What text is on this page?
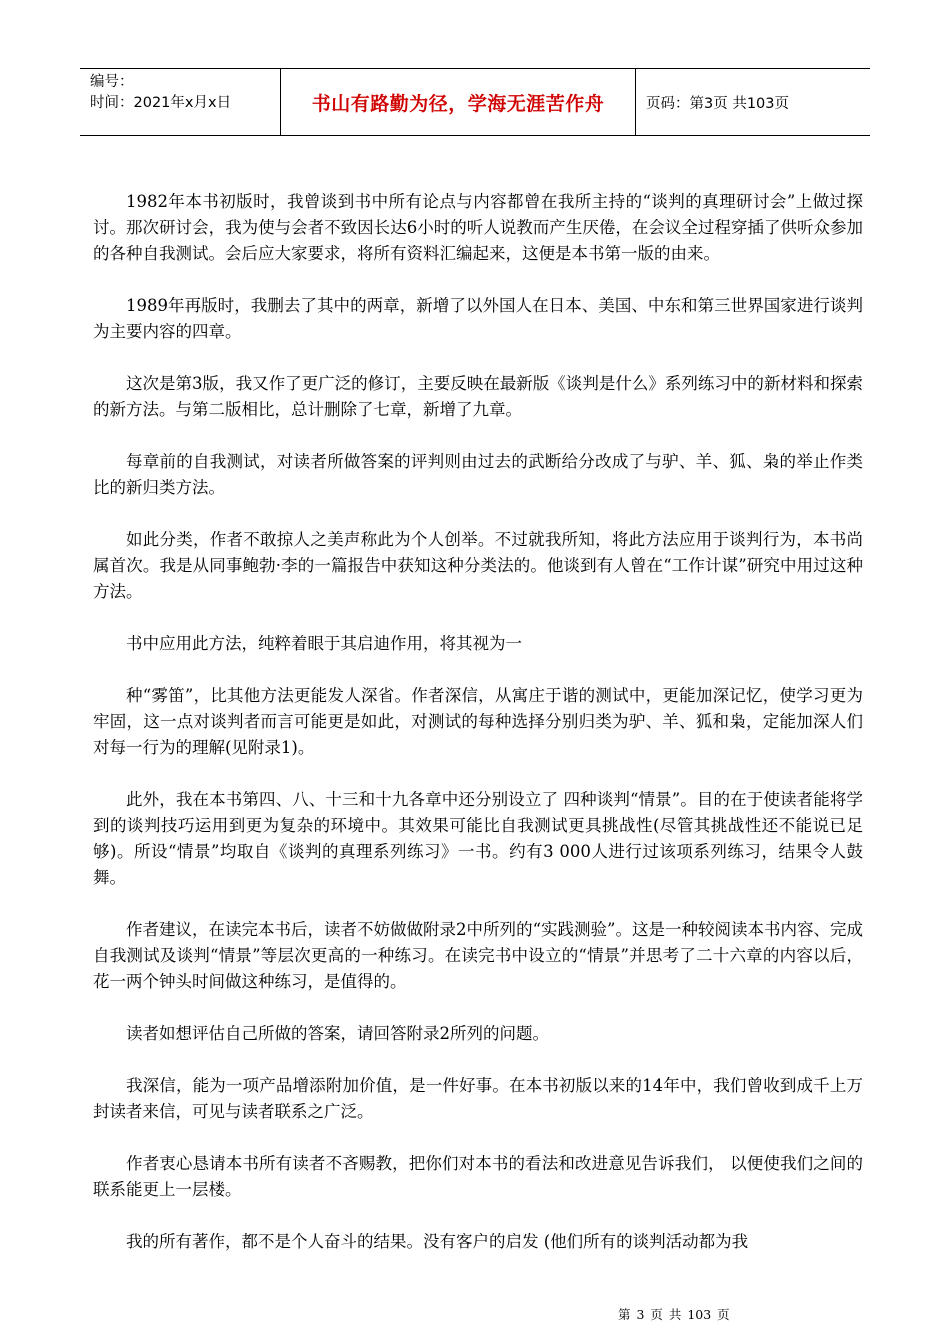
编号：
时间：2021年x月x日	书山有路勤为径，学海无涯苦作舟	页码：第3页 共103页

1982年本书初版时，我曾谈到书中所有论点与内容都曾在我所主持的“谈判的真理研讨会”上做过探讨。那次研讨会，我为使与会者不致因长达6小时的听人说教而产生厌倦，在会议全过程穿插了供听众参加的各种自我测试。会后应大家要求，将所有资料汇编起来，这便是本书第一版的由来。

1989年再版时，我删去了其中的两章，新增了以外国人在日本、美国、中东和第三世界国家进行谈判为主要内容的四章。

这次是第3版，我又作了更广泛的修订，主要反映在最新版《谈判是什么》系列练习中的新材料和探索的新方法。与第二版相比，总计删除了七章，新增了九章。

每章前的自我测试，对读者所做答案的评判则由过去的武断给分改成了与驴、羊、狐、枭的举止作类比的新归类方法。

如此分类，作者不敢掠人之美声称此为个人创举。不过就我所知，将此方法应用于谈判行为，本书尚属首次。我是从同事鲍勃·李的一篇报告中获知这种分类法的。他谈到有人曾在“工作计谋”研究中用过这种方法。

书中应用此方法，纯粹着眼于其启迪作用，将其视为一

种“雾笛”，比其他方法更能发人深省。作者深信，从寓庄于谐的测试中，更能加深记忆，使学习更为牢固，这一点对谈判者而言可能更是如此，对测试的每种选择分别归类为驴、羊、狐和枭，定能加深人们对每一行为的理解(见附录1)。

此外，我在本书第四、八、十三和十九各章中还分别设立了 四种谈判“情景”。目的在于使读者能将学到的谈判技巧运用到更为复杂的环境中。其效果可能比自我测试更具挑战性(尽管其挑战性还不能说已足够)。所设“情景”均取自《谈判的真理系列练习》一书。约有3 000人进行过该项系列练习，结果令人鼓舞。

作者建议，在读完本书后，读者不妨做做附录2中所列的“实践测验”。这是一种较阅读本书内容、完成自我测试及谈判“情景”等层次更高的一种练习。在读完书中设立的“情景”并思考了二十六章的内容以后，花一两个钟头时间做这种练习，是值得的。

读者如想评估自己所做的答案，请回答附录2所列的问题。

我深信，能为一项产品增添附加价值，是一件好事。在本书初版以来的14年中，我们曾收到成千上万封读者来信，可见与读者联系之广泛。

作者衷心恳请本书所有读者不吝赐教，把你们对本书的看法和改进意见告诉我们， 以便使我们之间的联系能更上一层楼。

我的所有著作，都不是个人奋斗的结果。没有客户的启发 (他们所有的谈判活动都为我

第 3 页 共 103 页
